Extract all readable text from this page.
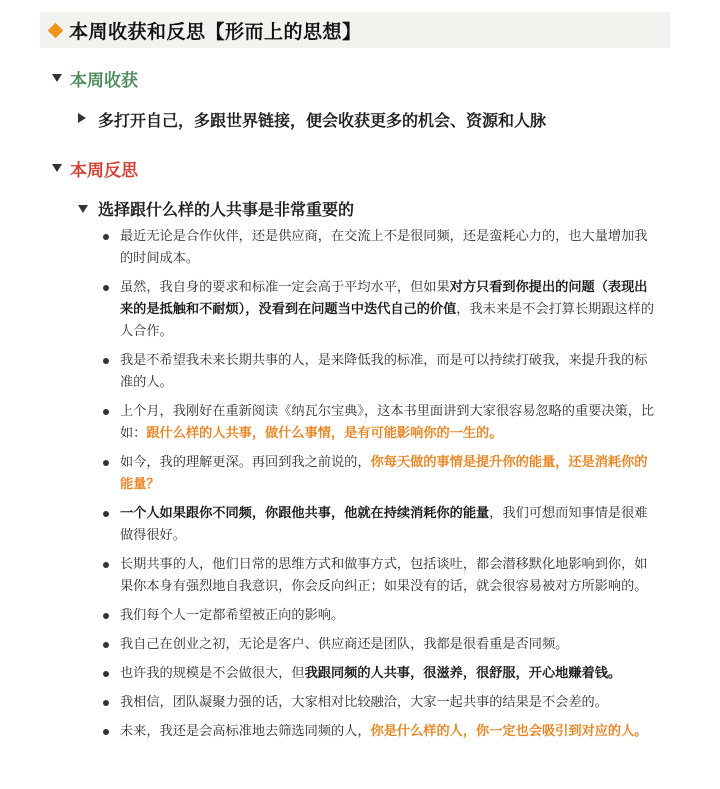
本周收获和反思【形而上的思想】
本周收获
多打开自己，多跟世界链接，便会收获更多的机会、资源和人脉
本周反思
选择跟什么样的人共事是非常重要的
最近无论是合作伙伴，还是供应商，在交流上不是很同频，还是蛮耗心力的，也大量增加我的时间成本。
虽然，我自身的要求和标准一定会高于平均水平，但如果对方只看到你提出的问题（表现出来的是抵触和不耐烦），没看到在问题当中迭代自己的价值，我未来是不会打算长期跟这样的人合作。
我是不希望我未来长期共事的人，是来降低我的标准，而是可以持续打破我，来提升我的标准的人。
上个月，我刚好在重新阅读《纳瓦尔宝典》，这本书里面讲到大家很容易忽略的重要决策，比如：跟什么样的人共事，做什么事情，是有可能影响你的一生的。
如今，我的理解更深。再回到我之前说的，你每天做的事情是提升你的能量，还是消耗你的能量？
一个人如果跟你不同频，你跟他共事，他就在持续消耗你的能量，我们可想而知事情是很难做得很好。
长期共事的人，他们日常的思维方式和做事方式，包括谈吐，都会潜移默化地影响到你，如果你本身有强烈地自我意识，你会反向纠正；如果没有的话，就会很容易被对方所影响的。
我们每个人一定都希望被正向的影响。
我自己在创业之初，无论是客户、供应商还是团队，我都是很看重是否同频。
也许我的规模是不会做很大，但我跟同频的人共事，很滋养，很舒服，开心地赚着钱。
我相信，团队凝聚力强的话，大家相对比较融洽，大家一起共事的结果是不会差的。
未来，我还是会高标准地去筛选同频的人，你是什么样的人，你一定也会吸引到对应的人。
